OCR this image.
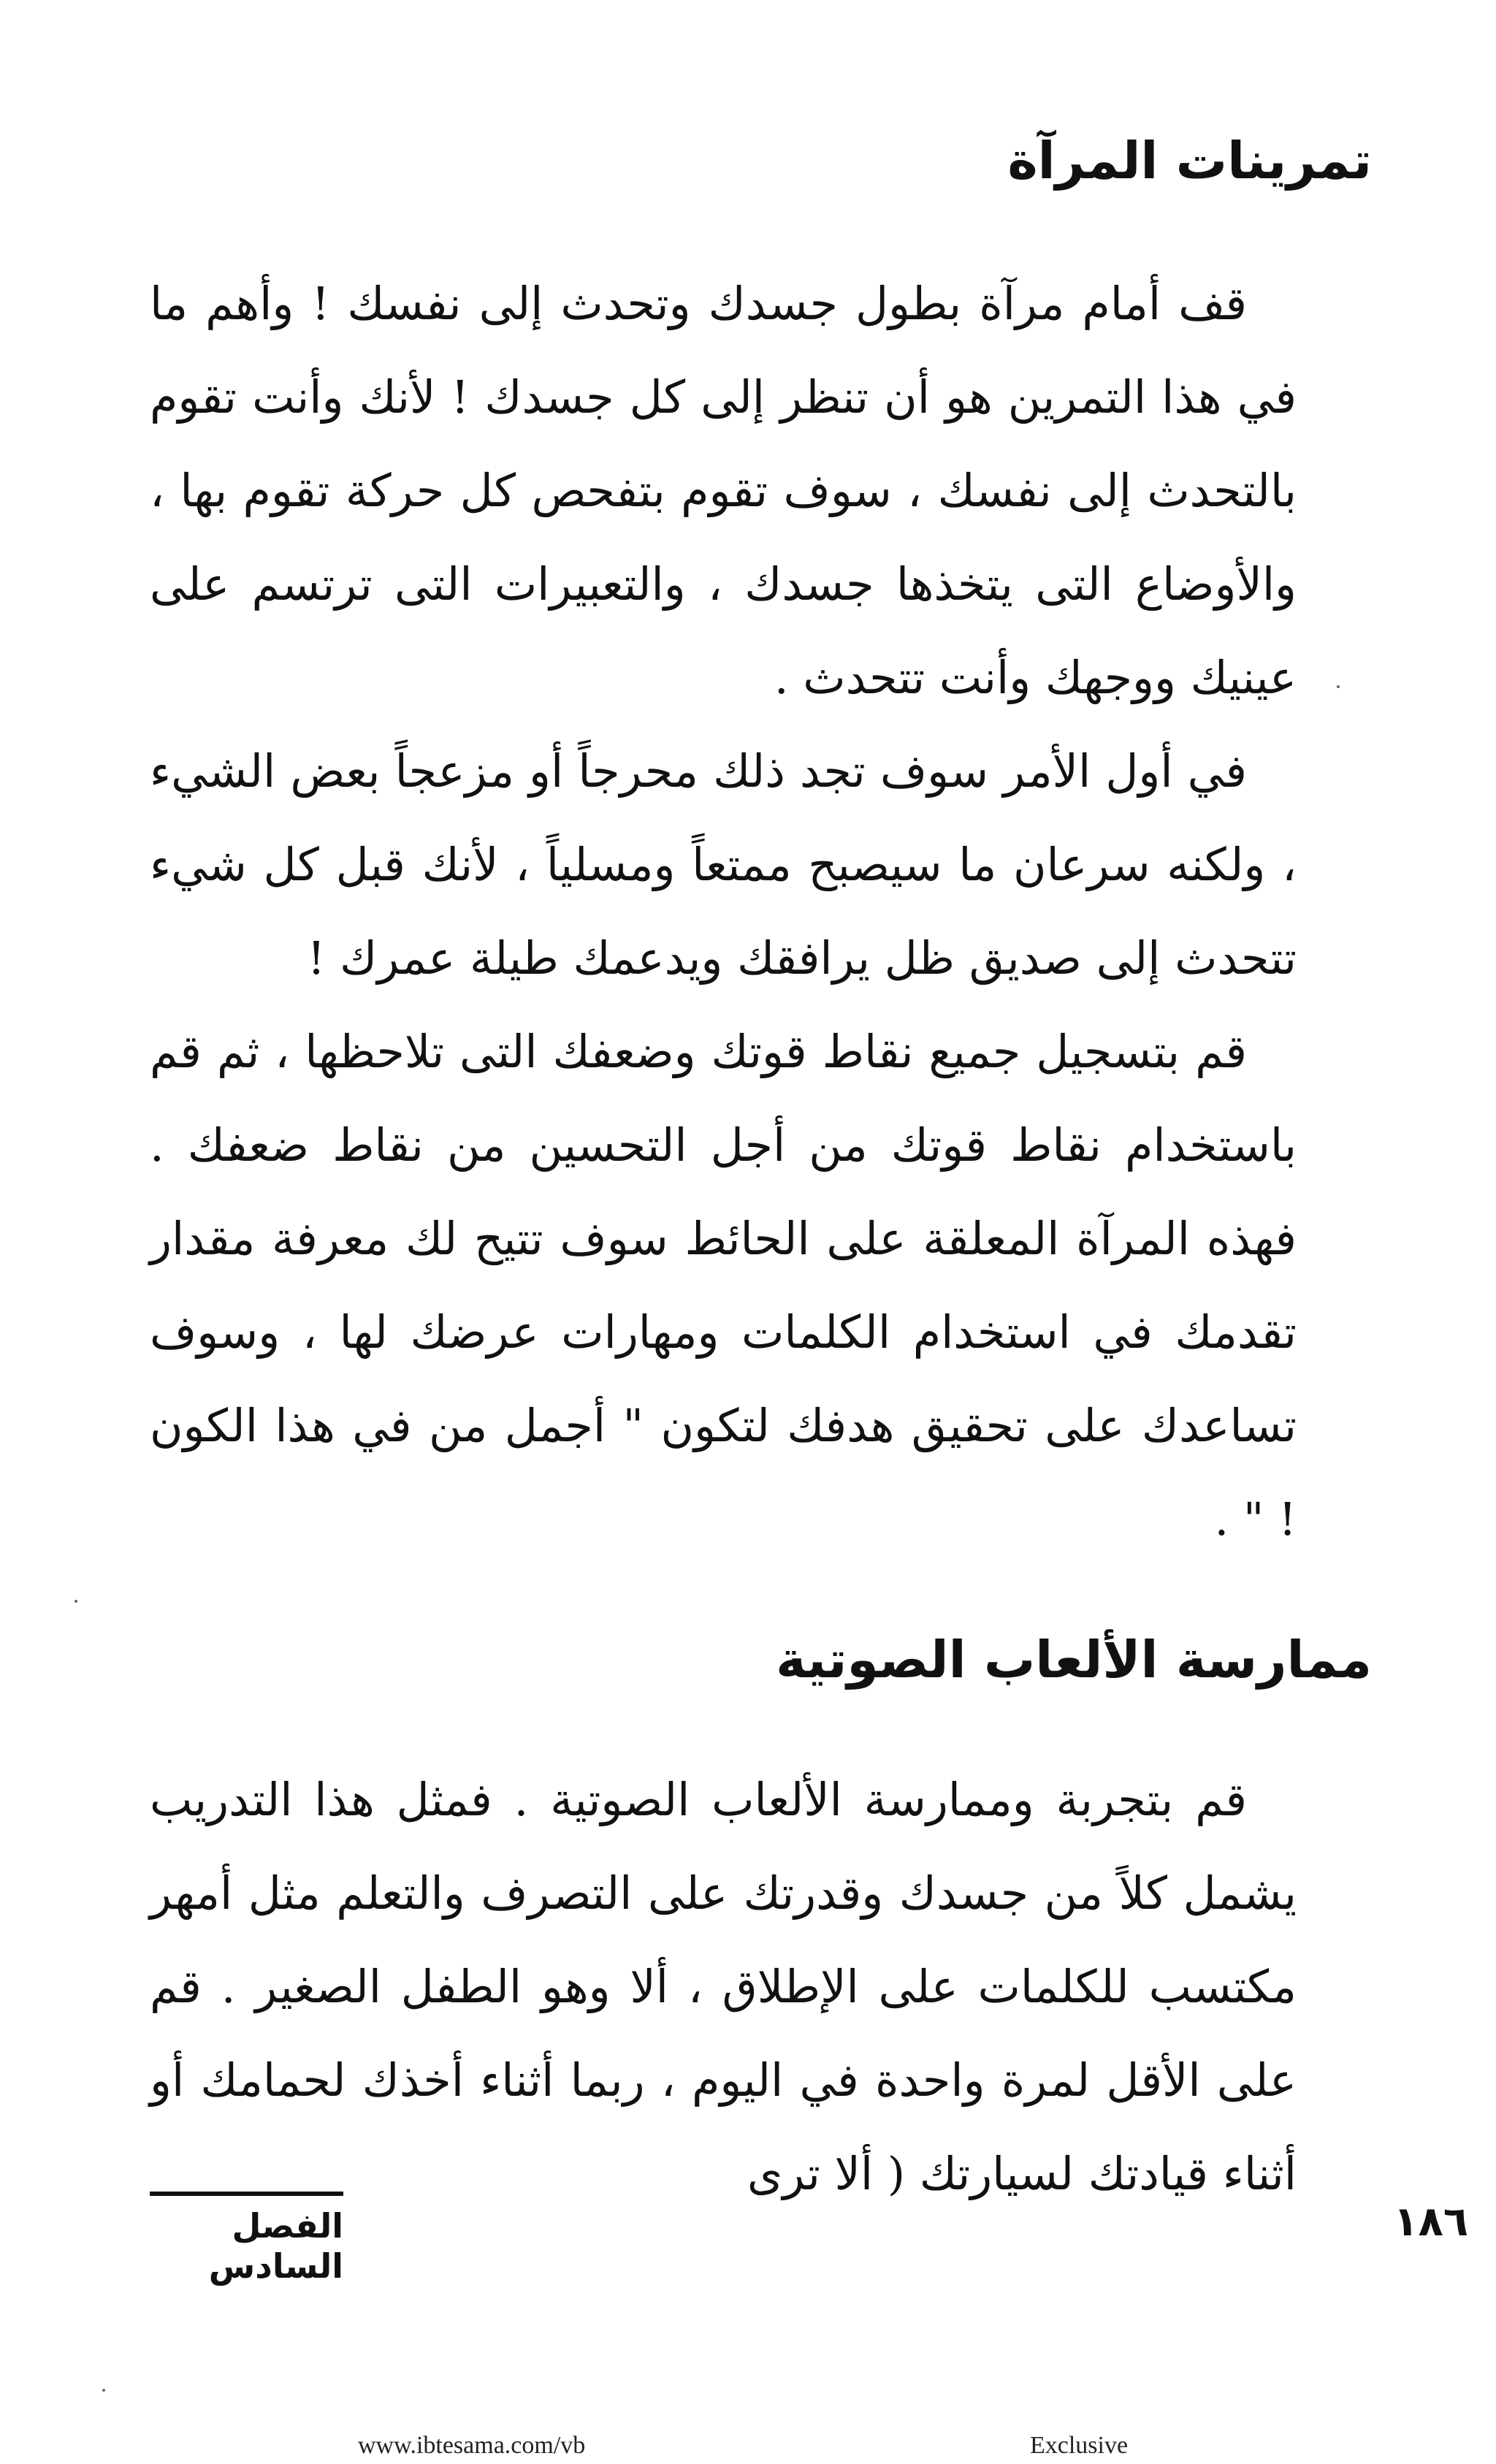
تمرينات المرآة

قف أمام مرآة بطول جسدك وتحدث إلى نفسك ! وأهم ما في هذا التمرين هو أن تنظر إلى كل جسدك ! لأنك وأنت تقوم بالتحدث إلى نفسك ، سوف تقوم بتفحص كل حركة تقوم بها ، والأوضاع التى يتخذها جسدك ، والتعبيرات التى ترتسم على عينيك ووجهك وأنت تتحدث .

في أول الأمر سوف تجد ذلك محرجاً أو مزعجاً بعض الشيء ، ولكنه سرعان ما سيصبح ممتعاً ومسلياً ، لأنك قبل كل شيء تتحدث إلى صديق ظل يرافقك ويدعمك طيلة عمرك !

قم بتسجيل جميع نقاط قوتك وضعفك التى تلاحظها ، ثم قم باستخدام نقاط قوتك من أجل التحسين من نقاط ضعفك . فهذه المرآة المعلقة على الحائط سوف تتيح لك معرفة مقدار تقدمك في استخدام الكلمات ومهارات عرضك لها ، وسوف تساعدك على تحقيق هدفك لتكون " أجمل من في هذا الكون ! " .

ممارسة الألعاب الصوتية

قم بتجربة وممارسة الألعاب الصوتية . فمثل هذا التدريب يشمل كلاً من جسدك وقدرتك على التصرف والتعلم مثل أمهر مكتسب للكلمات على الإطلاق ، ألا وهو الطفل الصغير . قم على الأقل لمرة واحدة في اليوم ، ربما أثناء أخذك لحمامك أو أثناء قيادتك لسيارتك ( ألا ترى

الفصل السادس
١٨٦
www.ibtesama.com/vb	Exclusive
